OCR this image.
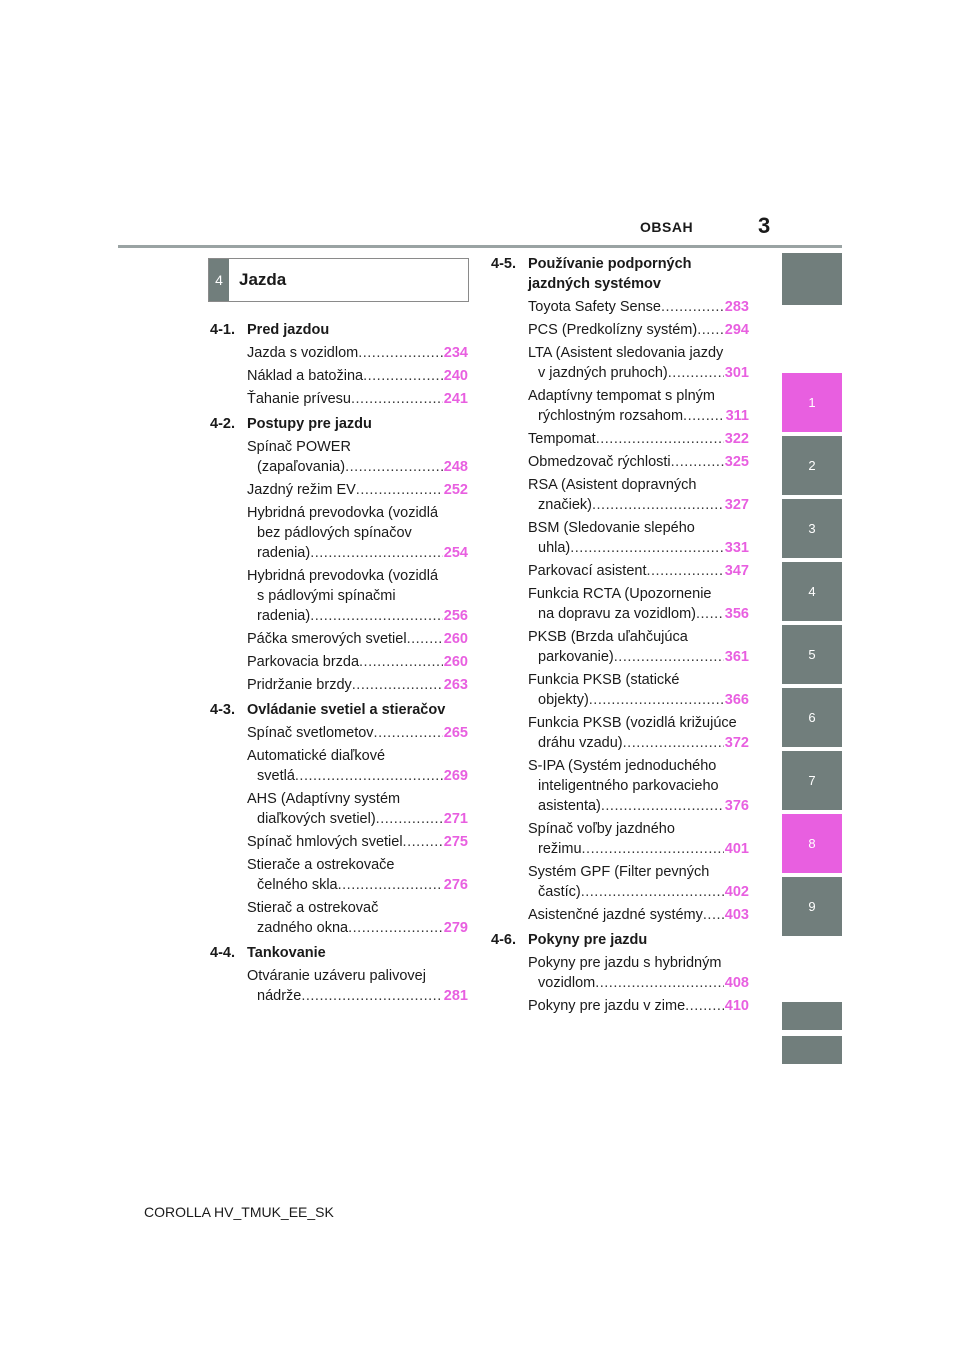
OBSAH	3
4 Jazda
4-1. Pred jazdou
Jazda s vozidlom .....	234
Náklad a batožina .....	240
Ťahanie prívesu .....	241
4-2. Postupy pre jazdu
Spínač POWER
(zapaľovania) .....	248
Jazdný režim EV .....	252
Hybridná prevodovka (vozidlá
bez pádlových spínačov
radenia) .....	254
Hybridná prevodovka (vozidlá
s pádlovými spínačmi
radenia) .....	256
Páčka smerových svetiel .....	260
Parkovacia brzda .....	260
Pridržanie brzdy .....	263
4-3. Ovládanie svetiel a stieračov
Spínač svetlometov .....	265
Automatické diaľkové
svetlá .....	269
AHS (Adaptívny systém
diaľkových svetiel) .....	271
Spínač hmlových svetiel .....	275
Stierače a ostrekovače
čelného skla .....	276
Stierač a ostrekovač
zadného okna .....	279
4-4. Tankovanie
Otváranie uzáveru palivovej
nádrže .....	281
4-5. Používanie podporných jazdných systémov
Toyota Safety Sense .....	283
PCS (Predkolízny systém) ..... 294
LTA (Asistent sledovania jazdy
v jazdných pruhoch) .....	301
Adaptívny tempomat s plným
rýchlostným rozsahom .....	311
Tempomat .....	322
Obmedzovač rýchlosti .....	325
RSA (Asistent dopravných
značiek) .....	327
BSM (Sledovanie slepého
uhla) .....	331
Parkovací asistent .....	347
Funkcia RCTA (Upozornenie
na dopravu za vozidlom) ..... 356
PKSB (Brzda uľahčujúca
parkovanie) .....	361
Funkcia PKSB (statické
objekty) .....	366
Funkcia PKSB (vozidlá križujúce
dráhu vzadu) .....	372
S-IPA (Systém jednoduchého
inteligentného parkovacieho
asistenta) .....	376
Spínač voľby jazdného
režimu .....	401
Systém GPF (Filter pevných
častíc) .....	402
Asistenčné jazdné systémy ..... 403
4-6. Pokyny pre jazdu
Pokyny pre jazdu s hybridným
vozidlom .....	408
Pokyny pre jazdu v zime .....	410
1
2
3
4
5
6
7
8
9
COROLLA HV_TMUK_EE_SK
